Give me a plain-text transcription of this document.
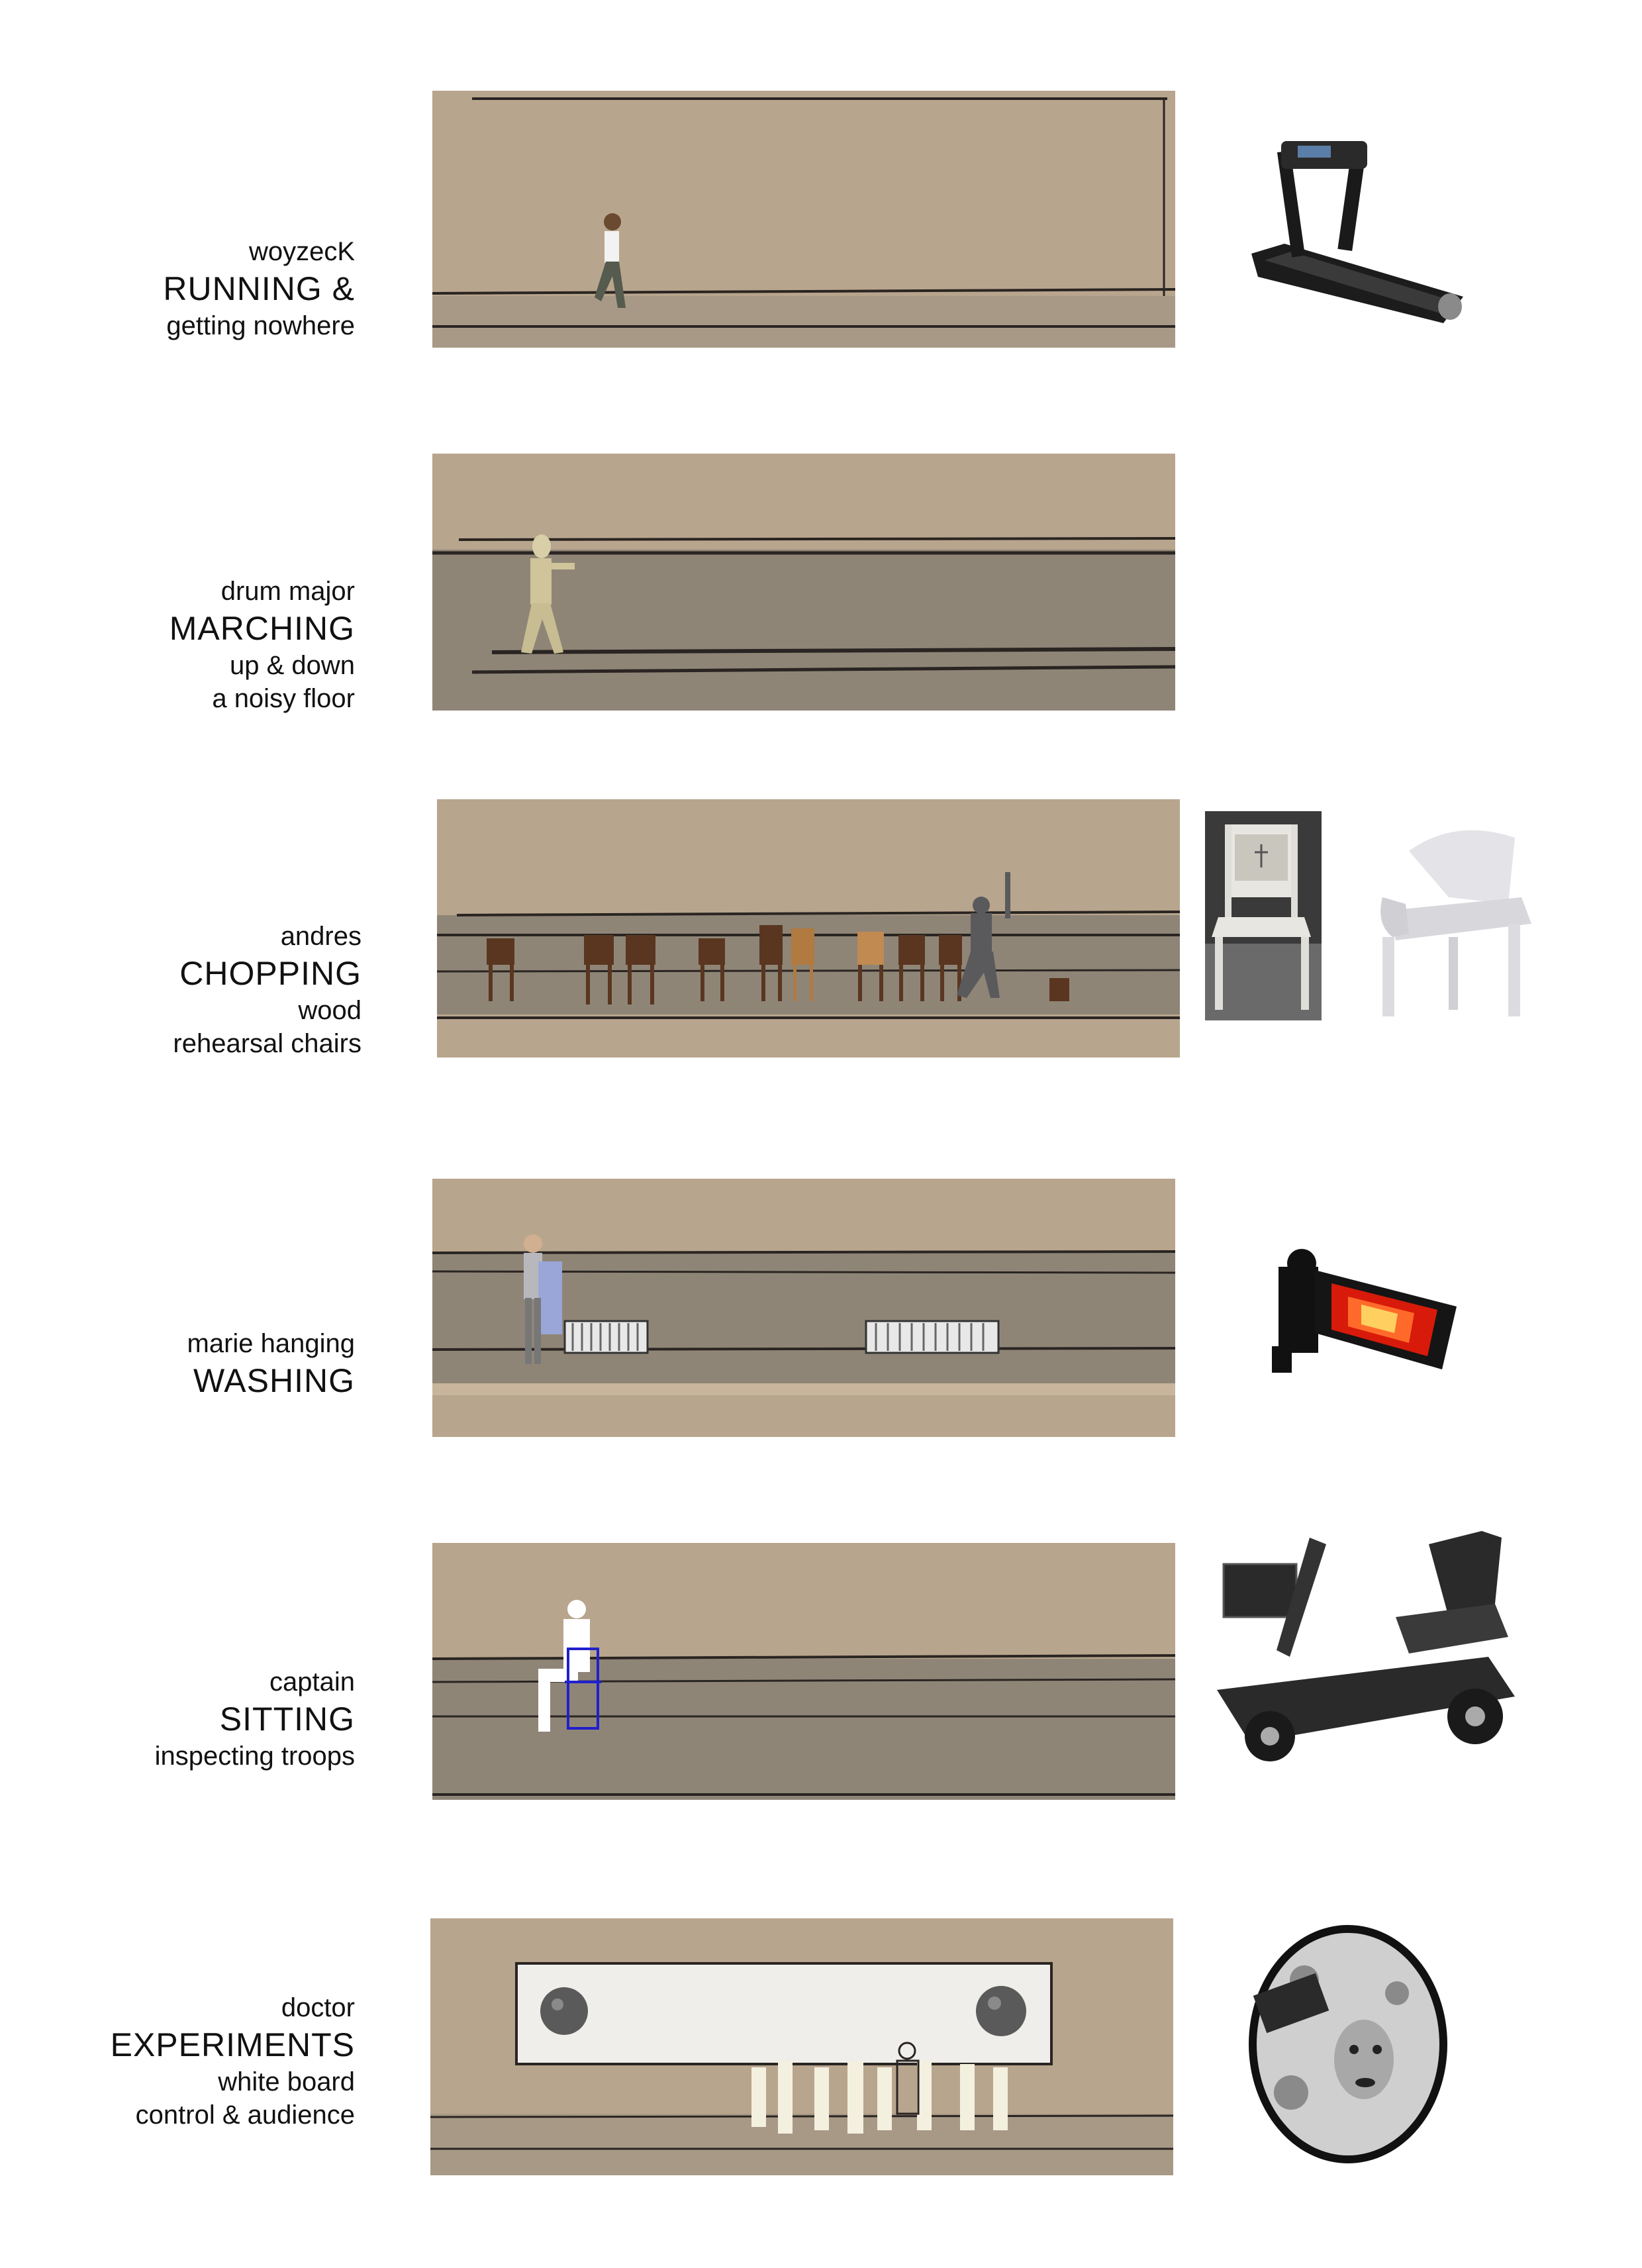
woyzecK
RUNNING &
getting nowhere
drum major
MARCHING
up & down
a noisy floor
andres
CHOPPING
wood
rehearsal chairs
marie hanging
WASHING
captain
SITTING
inspecting troops
doctor
EXPERIMENTS
white board
control & audience
